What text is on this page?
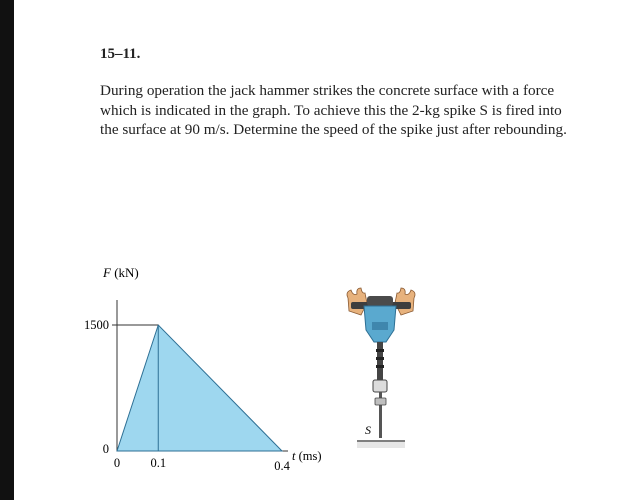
15–11.

During operation the jack hammer strikes the concrete surface with a force which is indicated in the graph. To achieve this the 2-kg spike S is fired into the surface at 90 m/s. Determine the speed of the spike just after rebounding.

F (kN)
1500
0
0 0.1	0.4
t (ms)
S
